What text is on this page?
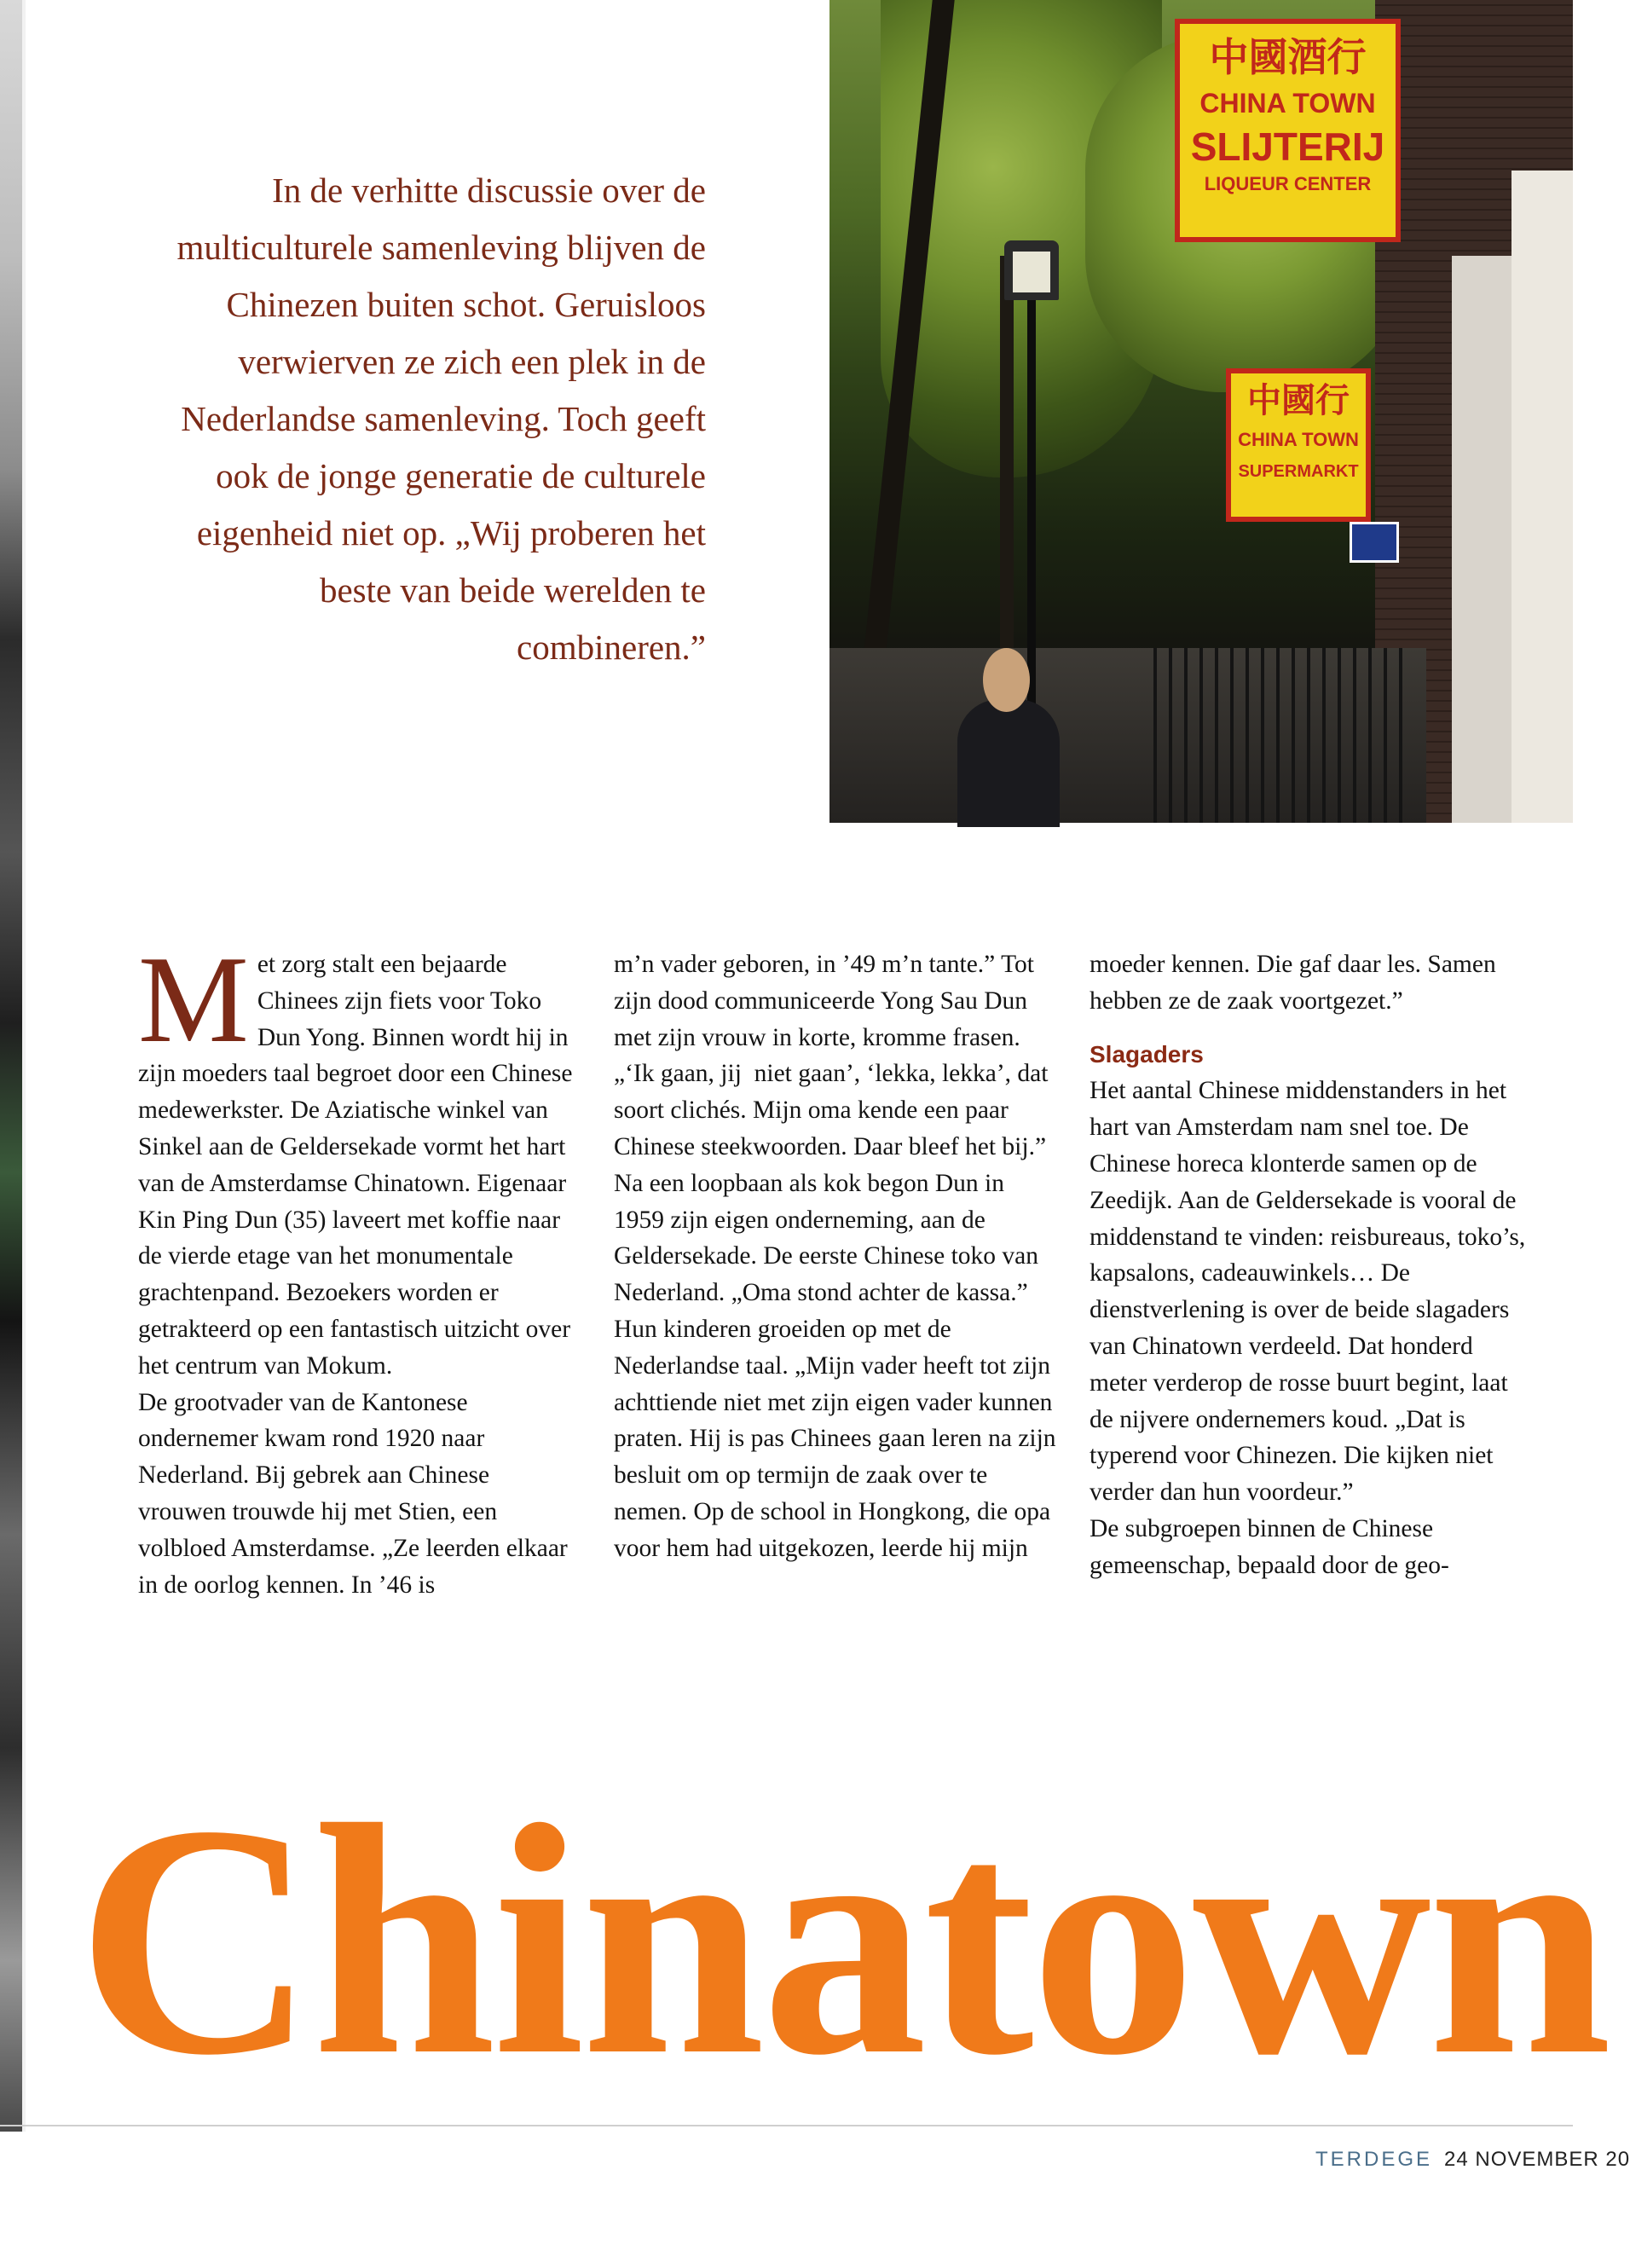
In de verhitte discussie over de multiculturele samenleving blijven de Chinezen buiten schot. Geruisloos verwierven ze zich een plek in de Nederlandse samenleving. Toch geeft ook de jonge generatie de culturele eigenheid niet op. „Wij proberen het beste van beide werelden te combineren.”
中國酒行
CHINA TOWN
SLIJTERIJ
LIQUEUR CENTER
中國行
CHINA TOWN
SUPERMARKT

Met zorg stalt een bejaarde Chinees zijn fiets voor Toko Dun Yong. Binnen wordt hij in zijn moeders taal begroet door een Chinese medewerkster. De Aziatische winkel van Sinkel aan de Geldersekade vormt het hart van de Amsterdamse Chinatown. Eigenaar Kin Ping Dun (35) laveert met koffie naar de vierde etage van het monumentale grachtenpand. Bezoekers worden er getrakteerd op een fantastisch uitzicht over het centrum van Mokum.

De grootvader van de Kantonese ondernemer kwam rond 1920 naar Nederland. Bij gebrek aan Chinese vrouwen trouwde hij met Stien, een volbloed Amsterdamse. „Ze leerden elkaar in de oorlog kennen. In ’46 is

m’n vader geboren, in ’49 m’n tante.” Tot zijn dood communiceerde Yong Sau Dun met zijn vrouw in korte, kromme frasen. „‘Ik gaan, jij  niet gaan’, ‘lekka, lekka’, dat soort clichés. Mijn oma kende een paar Chinese steekwoorden. Daar bleef het bij.”

Na een loopbaan als kok begon Dun in 1959 zijn eigen onderneming, aan de Geldersekade. De eerste Chinese toko van Nederland. „Oma stond achter de kassa.”

Hun kinderen groeiden op met de Nederlandse taal. „Mijn vader heeft tot zijn achttiende niet met zijn eigen vader kunnen praten. Hij is pas Chinees gaan leren na zijn besluit om op termijn de zaak over te nemen. Op de school in Hongkong, die opa voor hem had uitgekozen, leerde hij mijn

moeder kennen. Die gaf daar les. Samen hebben ze de zaak voortgezet.”

Slagaders

Het aantal Chinese middenstanders in het hart van Amsterdam nam snel toe. De Chinese horeca klonterde samen op de Zeedijk. Aan de Geldersekade is vooral de middenstand te vinden: reisbureaus, toko’s, kapsalons, cadeauwinkels… De dienstverlening is over de beide slagaders van Chinatown verdeeld. Dat honderd meter verderop de rosse buurt begint, laat de nijvere ondernemers koud. „Dat is typerend voor Chinezen. Die kijken niet verder dan hun voordeur.”

De subgroepen binnen de Chinese gemeenschap, bepaald door de geo-

Chinatown
TERDEGE 24 NOVEMBER 20
